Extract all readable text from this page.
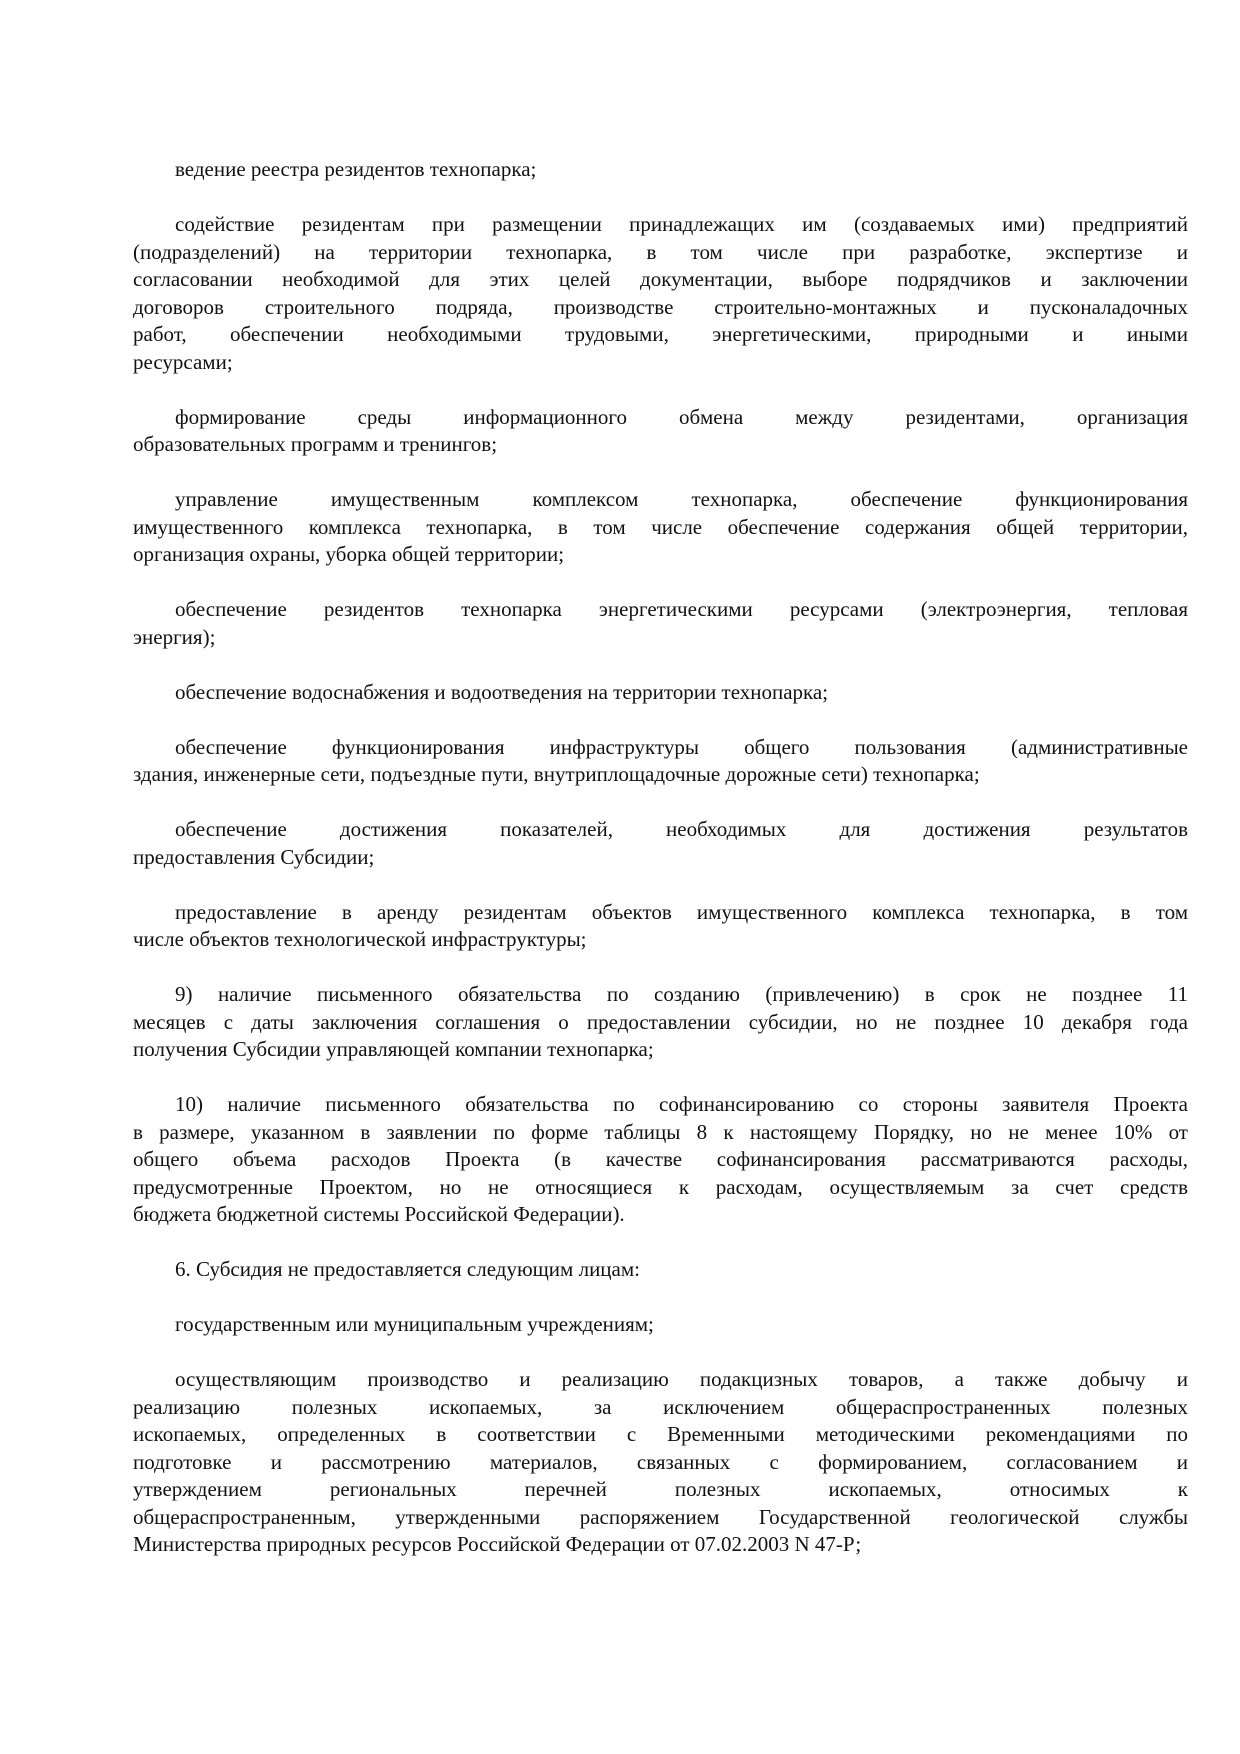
ведение реестра резидентов технопарка;
содействие резидентам при размещении принадлежащих им (создаваемых ими) предприятий
(подразделений) на территории технопарка, в том числе при разработке, экспертизе и
согласовании необходимой для этих целей документации, выборе подрядчиков и заключении
договоров строительного подряда, производстве строительно-монтажных и пусконаладочных
работ, обеспечении необходимыми трудовыми, энергетическими, природными и иными
ресурсами;
формирование среды информационного обмена между резидентами, организация
образовательных программ и тренингов;
управление имущественным комплексом технопарка, обеспечение функционирования
имущественного комплекса технопарка, в том числе обеспечение содержания общей территории,
организация охраны, уборка общей территории;
обеспечение резидентов технопарка энергетическими ресурсами (электроэнергия, тепловая
энергия);
обеспечение водоснабжения и водоотведения на территории технопарка;
обеспечение функционирования инфраструктуры общего пользования (административные
здания, инженерные сети, подъездные пути, внутриплощадочные дорожные сети) технопарка;
обеспечение достижения показателей, необходимых для достижения результатов
предоставления Субсидии;
предоставление в аренду резидентам объектов имущественного комплекса технопарка, в том
числе объектов технологической инфраструктуры;
9) наличие письменного обязательства по созданию (привлечению) в срок не позднее 11
месяцев с даты заключения соглашения о предоставлении субсидии, но не позднее 10 декабря года
получения Субсидии управляющей компании технопарка;
10) наличие письменного обязательства по софинансированию со стороны заявителя Проекта
в размере, указанном в заявлении по форме таблицы 8 к настоящему Порядку, но не менее 10% от
общего объема расходов Проекта (в качестве софинансирования рассматриваются расходы,
предусмотренные Проектом, но не относящиеся к расходам, осуществляемым за счет средств
бюджета бюджетной системы Российской Федерации).
6. Субсидия не предоставляется следующим лицам:
государственным или муниципальным учреждениям;
осуществляющим производство и реализацию подакцизных товаров, а также добычу и
реализацию полезных ископаемых, за исключением общераспространенных полезных
ископаемых, определенных в соответствии с Временными методическими рекомендациями по
подготовке и рассмотрению материалов, связанных с формированием, согласованием и
утверждением региональных перечней полезных ископаемых, относимых к
общераспространенным, утвержденными распоряжением Государственной геологической службы
Министерства природных ресурсов Российской Федерации от 07.02.2003 N 47-Р;
